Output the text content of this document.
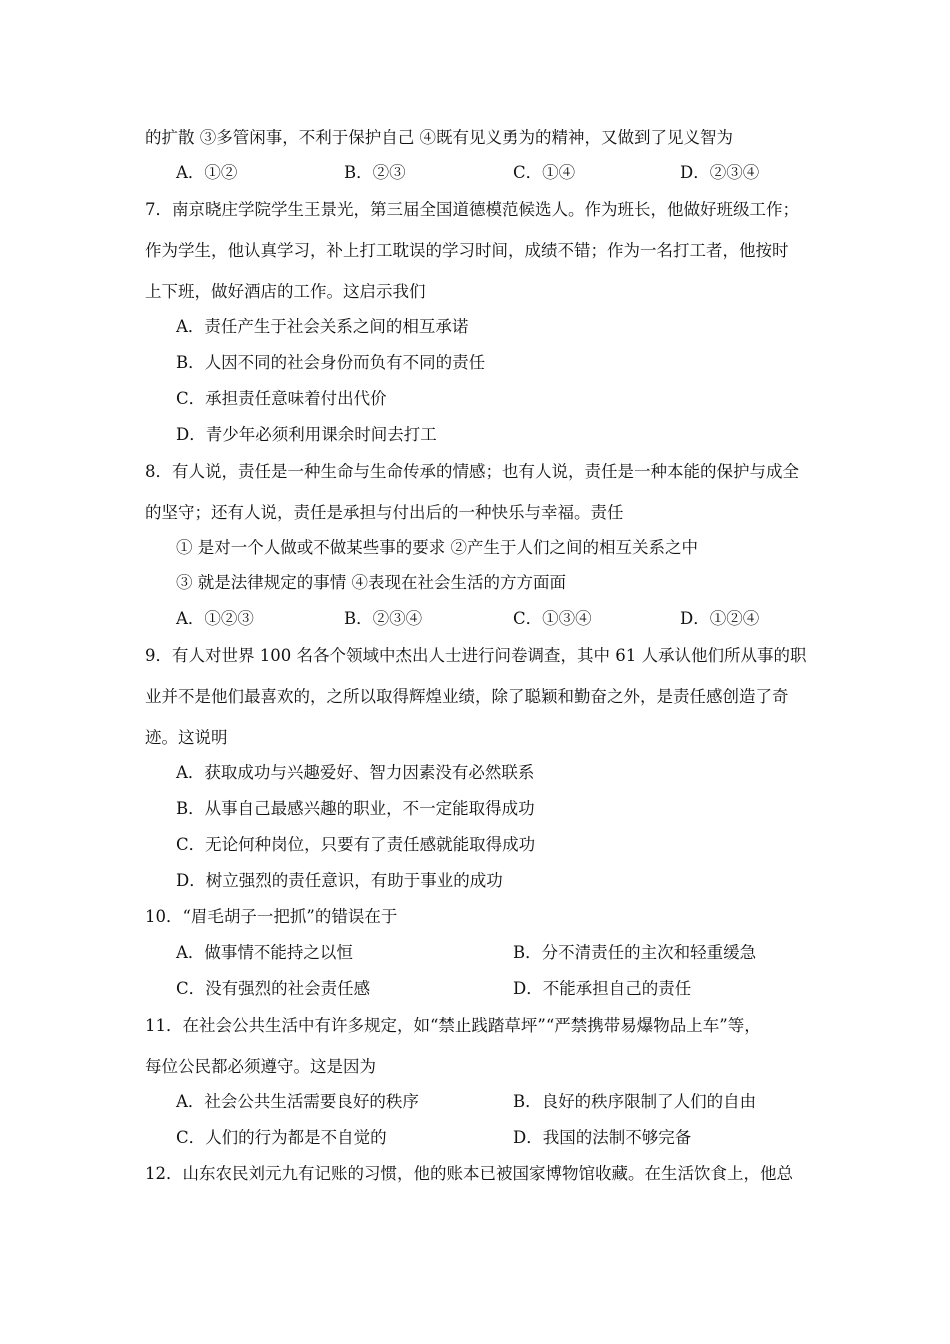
的扩散 ③多管闲事，不利于保护自己 ④既有见义勇为的精神，又做到了见义智为
A．①②	B．②③	C．①④	D．②③④
7．南京晓庄学院学生王景光，第三届全国道德模范候选人。作为班长，他做好班级工作；
作为学生，他认真学习，补上打工耽误的学习时间，成绩不错；作为一名打工者，他按时
上下班，做好酒店的工作。这启示我们
A．责任产生于社会关系之间的相互承诺
B．人因不同的社会身份而负有不同的责任
C．承担责任意味着付出代价
D．青少年必须利用课余时间去打工
8．有人说，责任是一种生命与生命传承的情感；也有人说，责任是一种本能的保护与成全
的坚守；还有人说，责任是承担与付出后的一种快乐与幸福。责任
① 是对一个人做或不做某些事的要求 ②产生于人们之间的相互关系之中
③ 就是法律规定的事情 ④表现在社会生活的方方面面
A．①②③	B．②③④	C．①③④	D．①②④
9．有人对世界 100 名各个领域中杰出人士进行问卷调查，其中 61 人承认他们所从事的职
业并不是他们最喜欢的，之所以取得辉煌业绩，除了聪颖和勤奋之外，是责任感创造了奇
迹。这说明
A．获取成功与兴趣爱好、智力因素没有必然联系
B．从事自己最感兴趣的职业，不一定能取得成功
C．无论何种岗位，只要有了责任感就能取得成功
D．树立强烈的责任意识，有助于事业的成功
10．“眉毛胡子一把抓”的错误在于
A．做事情不能持之以恒	B．分不清责任的主次和轻重缓急
C．没有强烈的社会责任感	D．不能承担自己的责任
11．在社会公共生活中有许多规定，如“禁止践踏草坪”“严禁携带易爆物品上车”等，
每位公民都必须遵守。这是因为
A．社会公共生活需要良好的秩序	B．良好的秩序限制了人们的自由
C．人们的行为都是不自觉的	D．我国的法制不够完备
12．山东农民刘元九有记账的习惯，他的账本已被国家博物馆收藏。在生活饮食上，他总
